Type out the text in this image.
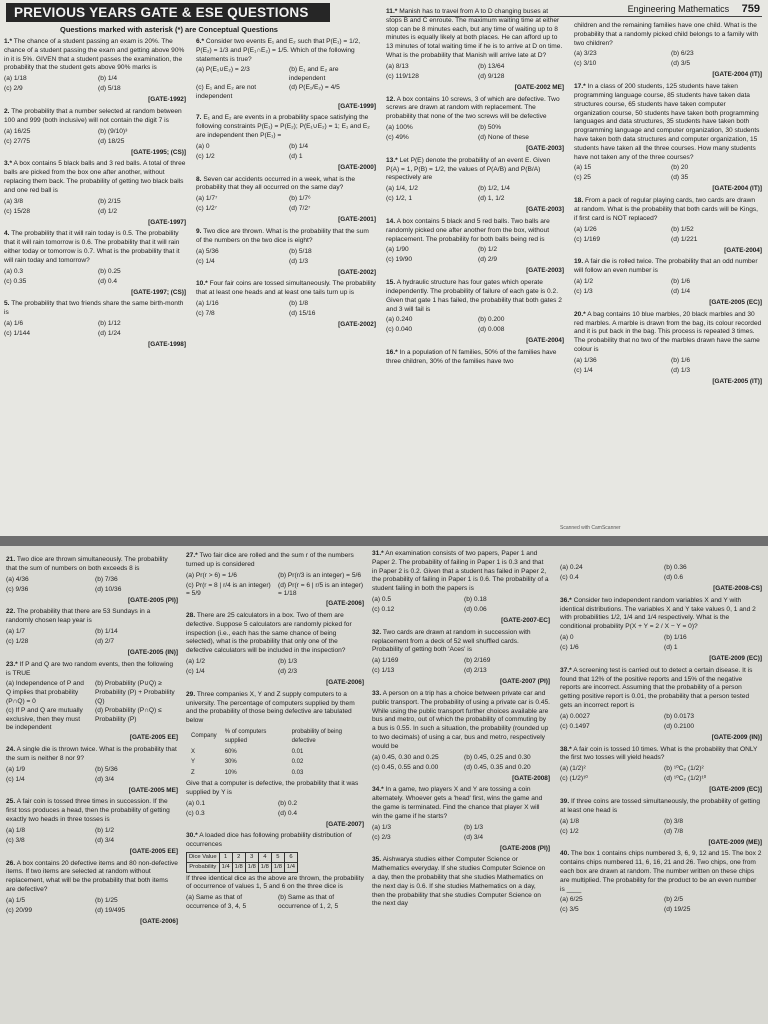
PREVIOUS YEARS GATE & ESE QUESTIONS
Questions marked with asterisk (*) are Conceptual Questions
Engineering Mathematics 759
1.* The chance of a student passing an exam is 20%. The chance of a student passing the exam and getting above 90% in it is 5%. GIVEN that a student passes the examination, the probability that the student gets above 90% marks is
(a) 1/18	(b) 1/4
(c) 2/9	(d) 5/18
[GATE-1992]
2. The probability that a number selected at random between 100 and 999 (both inclusive) will not contain the digit 7 is
(a) 16/25	(b) (9/10)³
(c) 27/75	(d) 18/25
[GATE-1995; (CS)]
3.* A box contains 5 black balls and 3 red balls. A total of three balls are picked from the box one after another, without replacing them back. The probability of getting two black balls and one red ball is
(a) 3/8	(b) 2/15
(c) 15/28	(d) 1/2
[GATE-1997]
4. The probability that it will rain today is 0.5. The probability that it will rain tomorrow is 0.6. The probability that it will rain either today or tomorrow is 0.7. What is the probability that it will rain today and tomorrow?
(a) 0.3	(b) 0.25
(c) 0.35	(d) 0.4
[GATE-1997; (CS)]
5. The probability that two friends share the same birth-month is
(a) 1/6	(b) 1/12
(c) 1/144	(d) 1/24
[GATE-1998]
6.* Consider two events E₁ and E₂ such that P(E₁) = 1/2, P(E₂) = 1/3 and P(E₁∩E₂) = 1/5. Which of the following statements is true?
(a) P(E₁∪E₂) = 2/3	(b) E₁ and E₂ are independent
(c) E₁ and E₂ are not independent
(d) P(E₁/E₂) = 4/5
[GATE-1999]
7. E₁ and E₂ are events in a probability space satisfying the following constraints P(E₁) = P(E₂); P(E₁∪E₂) = 1; E₁ and E₂ are independent then P(E₁) =
(a) 0	(b) 1/4
(c) 1/2	(d) 1
[GATE-2000]
8. Seven car accidents occurred in a week, what is the probability that they all occurred on the same day?
(a) 1/7⁷	(b) 1/7⁶
(c) 1/2⁷	(d) 7/2⁷
[GATE-2001]
9. Two dice are thrown. What is the probability that the sum of the numbers on the two dice is eight?
(a) 5/36	(b) 5/18
(c) 1/4	(d) 1/3
[GATE-2002]
10.* Four fair coins are tossed simultaneously. The probability that at least one heads and at least one tails turn up is
(a) 1/16	(b) 1/8
(c) 7/8	(d) 15/16
[GATE-2002]
11.* Manish has to travel from A to D changing buses at stops B and C enroute. The maximum waiting time at either stop can be 8 minutes each, but any time of waiting up to 8 minutes is equally likely at both places. He can afford up to 13 minutes of total waiting time if he is to arrive at D on time. What is the probability that Manish will arrive late at D?
(a) 8/13	(b) 13/64
(c) 119/128	(d) 9/128
[GATE-2002 ME]
12. A box contains 10 screws, 3 of which are defective. Two screws are drawn at random with replacement. The probability that none of the two screws will be defective
(a) 100%	(b) 50%
(c) 49%	(d) None of these
[GATE-2003]
13.* Let P(E) denote the probability of an event E. Given P(A) = 1, P(B) = 1/2, the values of P(A/B) and P(B/A) respectively are
(a) 1/4, 1/2	(b) 1/2, 1/4
(c) 1/2, 1	(d) 1, 1/2
[GATE-2003]
14. A box contains 5 black and 5 red balls. Two balls are randomly picked one after another from the box, without replacement. The probability for both balls being red is
(a) 1/90	(b) 1/2
(c) 19/90	(d) 2/9
[GATE-2003]
15. A hydraulic structure has four gates which operate independently. The probability of failure of each gate is 0.2. Given that gate 1 has failed, the probability that both gates 2 and 3 will fail is
(a) 0.240	(b) 0.200
(c) 0.040	(d) 0.008
[GATE-2004]
16.* In a population of N families, 50% of the families have three children, 30% of the families have two
children and the remaining families have one child. What is the probability that a randomly picked child belongs to a family with two children?
(a) 3/23	(b) 6/23
(c) 3/10	(d) 3/5
[GATE-2004 (IT)]
17.* In a class of 200 students, 125 students have taken programming language course, 85 students have taken data structures course, 65 students have taken computer organization course, 50 students have taken both programming languages and data structures, 35 students have taken both programming language and computer organization, 30 students have taken both data structures and computer organization, 15 students have taken all the three courses. How many students have not taken any of the three courses?
(a) 15	(b) 20
(c) 25	(d) 35
[GATE-2004 (IT)]
18. From a pack of regular playing cards, two cards are drawn at random. What is the probability that both cards will be Kings, if first card is NOT replaced?
(a) 1/26	(b) 1/52
(c) 1/169	(d) 1/221
[GATE-2004]
19. A fair die is rolled twice. The probability that an odd number will follow an even number is
(a) 1/2	(b) 1/6
(c) 1/3	(d) 1/4
[GATE-2005 (EC)]
20.* A bag contains 10 blue marbles, 20 black marbles and 30 red marbles. A marble is drawn from the bag, its colour recorded and it is put back in the bag. This process is repeated 3 times. The probability that no two of the marbles drawn have the same colour is
(a) 1/36	(b) 1/6
(c) 1/4	(d) 1/3
[GATE-2005 (IT)]
Scanned with CamScanner
21. Two dice are thrown simultaneously. The probability that the sum of numbers on both exceeds 8 is
(a) 4/36	(b) 7/36
(c) 9/36	(d) 10/36
[GATE-2005 (PI)]
22. The probability that there are 53 Sundays in a randomly chosen leap year is
(a) 1/7	(b) 1/14
(c) 1/28	(d) 2/7
[GATE-2005 (IN)]
23.* If P and Q are two random events, then the following is TRUE
(a) Independence of P and Q implies that probability (P∩Q) = 0
(b) Probability (P∪Q) ≥ Probability (P) + Probability (Q)
(c) If P and Q are mutually exclusive, then they must be independent
(d) Probability (P∩Q) ≤ Probability (P)
[GATE-2005 EE]
24. A single die is thrown twice. What is the probability that the sum is neither 8 nor 9?
(a) 1/9	(b) 5/36
(c) 1/4	(d) 3/4
[GATE-2005 ME]
25. A fair coin is tossed three times in succession. If the first toss produces a head, then the probability of getting exactly two heads in three tosses is
(a) 1/8	(b) 1/2
(c) 3/8	(d) 3/4
[GATE-2005 EE]
26. A box contains 20 defective items and 80 non-defective items. If two items are selected at random without replacement, what will be the probability that both items are defective?
(a) 1/5	(b) 1/25
(c) 20/99	(d) 19/495
[GATE-2006]
27.* Two fair dice are rolled and the sum r of the numbers turned up is considered
(a) Pr(r > 6) = 1/6	(b) Pr(r/3 is an integer) = 5/6
(c) Pr(r = 8 | r/4 is an integer) = 5/9
(d) Pr(r = 6 | r/5 is an integer) = 1/18
[GATE-2006]
28. There are 25 calculators in a box. Two of them are defective. Suppose 5 calculators are randomly picked for inspection (i.e., each has the same chance of being selected), what is the probability that only one of the defective calculators will be included in the inspection?
(a) 1/2	(b) 1/3
(c) 1/4	(d) 2/3
[GATE-2006]
29. Three companies X, Y and Z supply computers to a university. The percentage of computers supplied by them and the probability of those being defective are tabulated below
Company	% of computers supplied	probability of being defective
X	60%	0.01
Y	30%	0.02
Z	10%	0.03
Give that a computer is defective, the probability that it was supplied by Y is
(a) 0.1	(b) 0.2
(c) 0.3	(d) 0.4
[GATE-2007]
30.* A loaded dice has following probability distribution of occurrences
Dice Value	1	2	3	4	5	6
Probability	1/4	1/8	1/8	1/8	1/8	1/4
If three identical dice as the above are thrown, the probability of occurrence of values 1, 5 and 6 on the three dice is
(a) Same as that of occurrence of 3, 4, 5
(b) Same as that of occurrence of 1, 2, 5
31.* An examination consists of two papers, Paper 1 and Paper 2. The probability of failing in Paper 1 is 0.3 and that in Paper 2 is 0.2. Given that a student has failed in Paper 2, the probability of failing in Paper 1 is 0.6. The probability of a student failing in both the papers is
(a) 0.5	(b) 0.18
(c) 0.12	(d) 0.06
[GATE-2007-EC]
32. Two cards are drawn at random in succession with replacement from a deck of 52 well shuffled cards. Probability of getting both 'Aces' is
(a) 1/169	(b) 2/169
(c) 1/13	(d) 2/13
[GATE-2007 (PI)]
33. A person on a trip has a choice between private car and public transport. The probability of using a private car is 0.45. While using the public transport further choices available are bus and metro, out of which the probability of commuting by a bus is 0.55. In such a situation, the probability (rounded up to two decimals) of using a car, bus and metro, respectively would be
(a) 0.45, 0.30 and 0.25	(b) 0.45, 0.25 and 0.30
(c) 0.45, 0.55 and 0.00	(d) 0.45, 0.35 and 0.20
[GATE-2008]
34.* In a game, two players X and Y are tossing a coin alternately. Whoever gets a 'head' first, wins the game and the game is terminated. Find the chance that player X will win the game if he starts?
(a) 1/3	(b) 1/3
(c) 2/3	(d) 3/4
[GATE-2008 (PI)]
35. Aishwarya studies either Computer Science or Mathematics everyday. If she studies Computer Science on a day, then the probability that she studies Mathematics on the next day is 0.6. If she studies Mathematics on a day, then the probability that she studies Computer Science on the next day
(a) 0.24	(b) 0.36
(c) 0.4	(d) 0.6
[GATE-2008-CS]
36.* Consider two independent random variables X and Y with identical distributions. The variables X and Y take values 0, 1 and 2 with probabilities 1/2, 1/4 and 1/4 respectively. What is the conditional probability P(X + Y = 2 / X − Y = 0)?
(a) 0	(b) 1/16
(c) 1/6	(d) 1
[GATE-2009 (EC)]
37.* A screening test is carried out to detect a certain disease. It is found that 12% of the positive reports and 15% of the negative reports are incorrect. Assuming that the probability of a person getting positive report is 0.01, the probability that a person tested gets an incorrect report is
(a) 0.0027	(b) 0.0173
(c) 0.1497	(d) 0.2100
[GATE-2009 (IN)]
38.* A fair coin is tossed 10 times. What is the probability that ONLY the first two tosses will yield heads?
(a) (1/2)²	(b) ¹⁰C₂ (1/2)²
(c) (1/2)¹⁰	(d) ¹⁰C₂ (1/2)¹⁰
[GATE-2009 (EC)]
39. If three coins are tossed simultaneously, the probability of getting at least one head is
(a) 1/8	(b) 3/8
(c) 1/2	(d) 7/8
[GATE-2009 (ME)]
40. The box 1 contains chips numbered 3, 6, 9, 12 and 15. The box 2 contains chips numbered 11, 6, 16, 21 and 26. Two chips, one from each box are drawn at random. The number written on these chips are multiplied. The probability for the product to be an even number is ____
(a) 6/25	(b) 2/5
(c) 3/5	(d) 19/25
